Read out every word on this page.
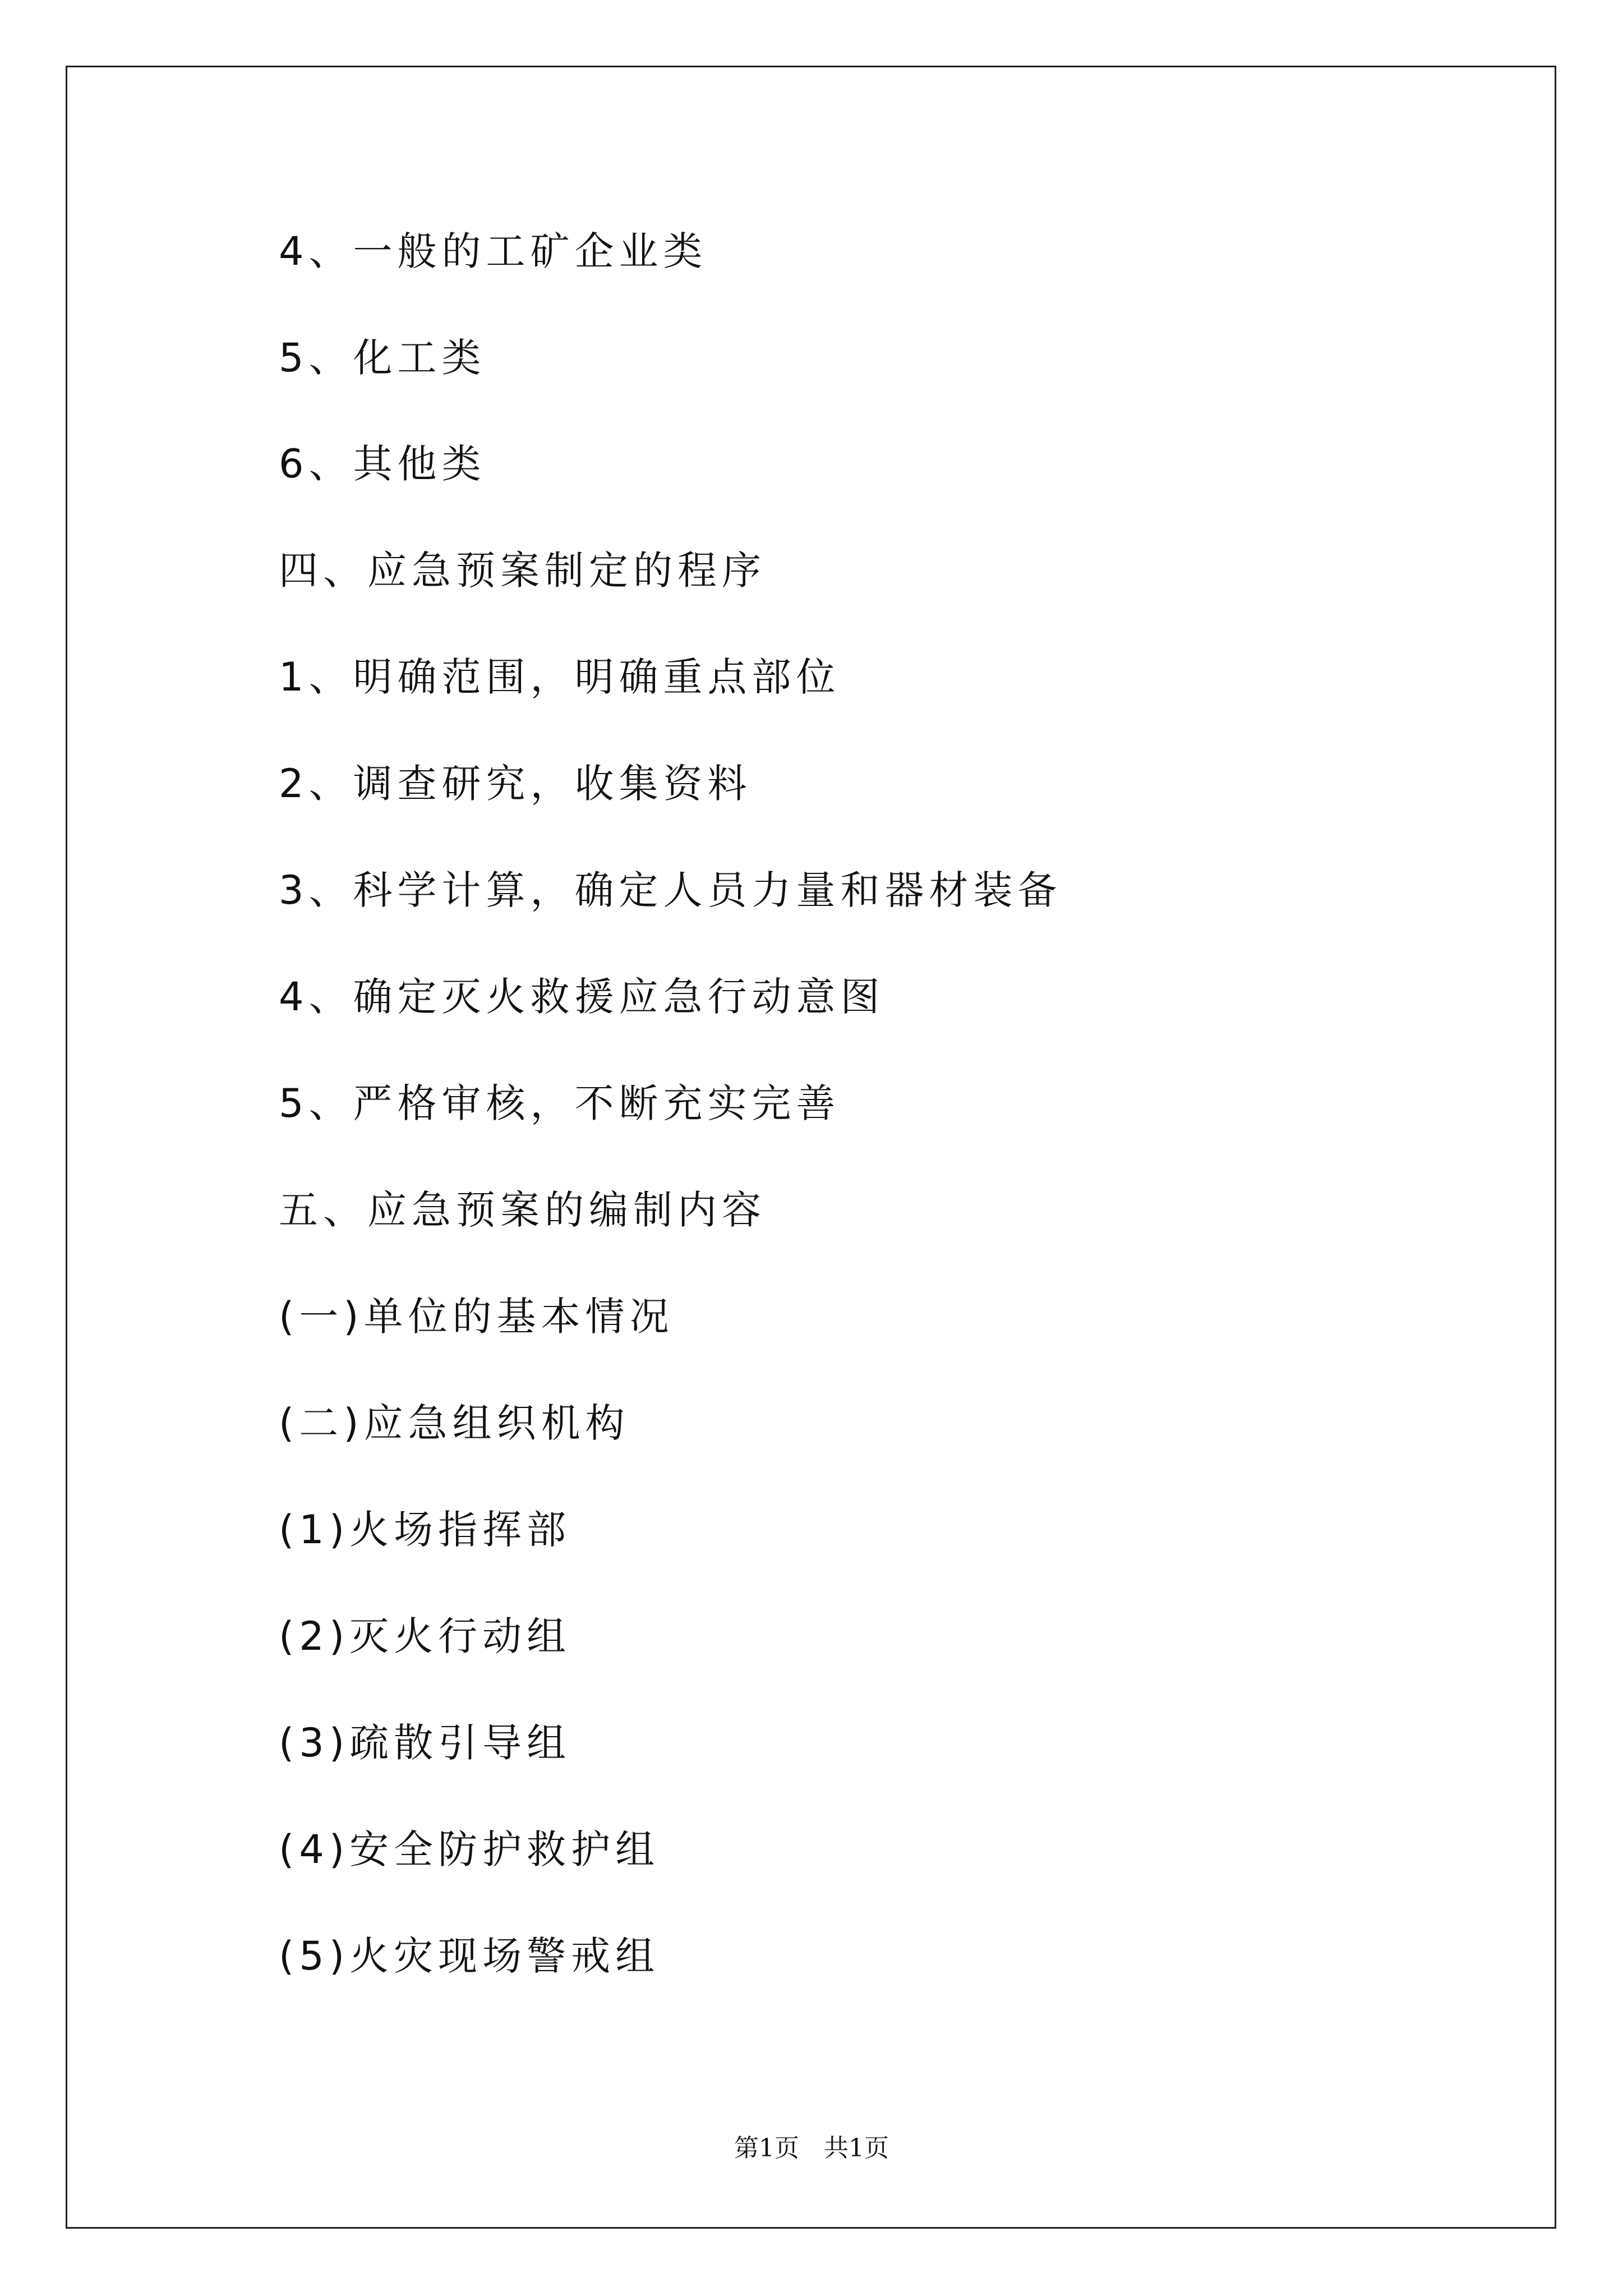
4、一般的工矿企业类
5、化工类
6、其他类
四、应急预案制定的程序
1、明确范围，明确重点部位
2、调查研究，收集资料
3、科学计算，确定人员力量和器材装备
4、确定灭火救援应急行动意图
5、严格审核，不断充实完善
五、应急预案的编制内容
(一)单位的基本情况
(二)应急组织机构
(1)火场指挥部
(2)灭火行动组
(3)疏散引导组
(4)安全防护救护组
(5)火灾现场警戒组
第1页　共1页
